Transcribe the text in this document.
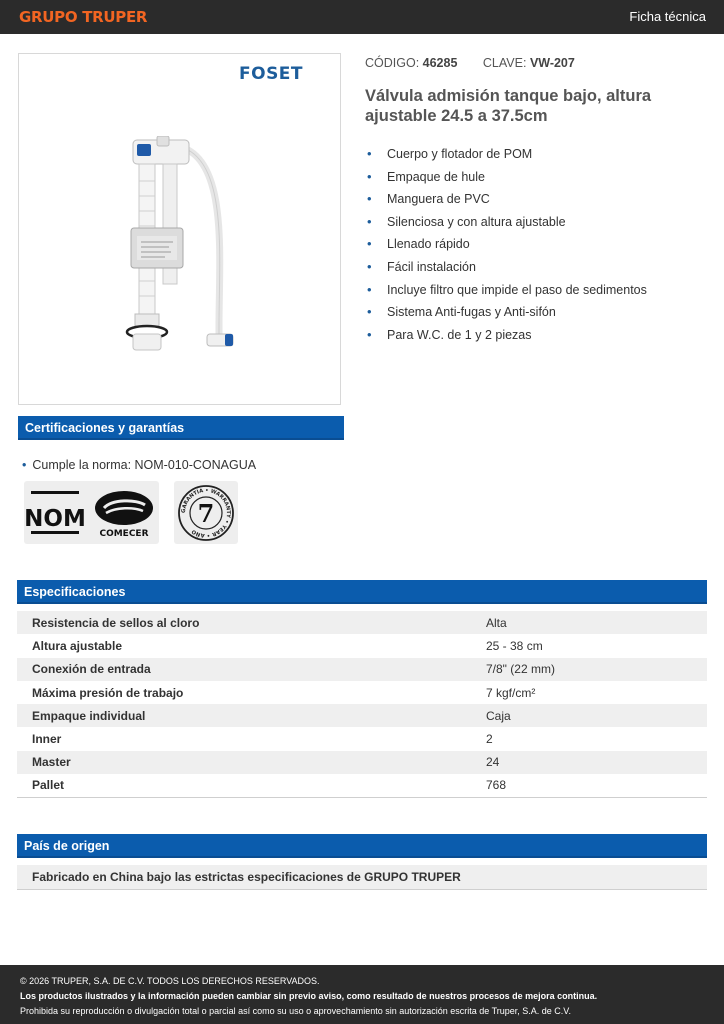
GRUPO TRUPER	Ficha técnica
FOSET
CÓDIGO: 46285 CLAVE: VW-207
Válvula admisión tanque bajo, altura ajustable 24.5 a 37.5cm
• Cuerpo y flotador de POM
• Empaque de hule
• Manguera de PVC
• Silenciosa y con altura ajustable
• Llenado rápido
• Fácil instalación
• Incluye filtro que impide el paso de sedimentos
• Sistema Anti-fugas y Anti-sifón
• Para W.C. de 1 y 2 piezas
Certificaciones y garantías
• Cumple la norma: NOM-010-CONAGUA
NOM
COMECER
GARANTÍA • WARRANTY • YEAR • AÑO
7
Especificaciones
Resistencia de sellos al cloro	Alta
Altura ajustable	25 - 38 cm
Conexión de entrada	7/8" (22 mm)
Máxima presión de trabajo	7 kgf/cm²
Empaque individual	Caja
Inner	2
Master	24
Pallet	768
País de origen
Fabricado en China bajo las estrictas especificaciones de GRUPO TRUPER
© 2026 TRUPER, S.A. DE C.V. TODOS LOS DERECHOS RESERVADOS.
Los productos ilustrados y la información pueden cambiar sin previo aviso, como resultado de nuestros procesos de mejora continua.
Prohibida su reproducción o divulgación total o parcial así como su uso o aprovechamiento sin autorización escrita de Truper, S.A. de C.V.
